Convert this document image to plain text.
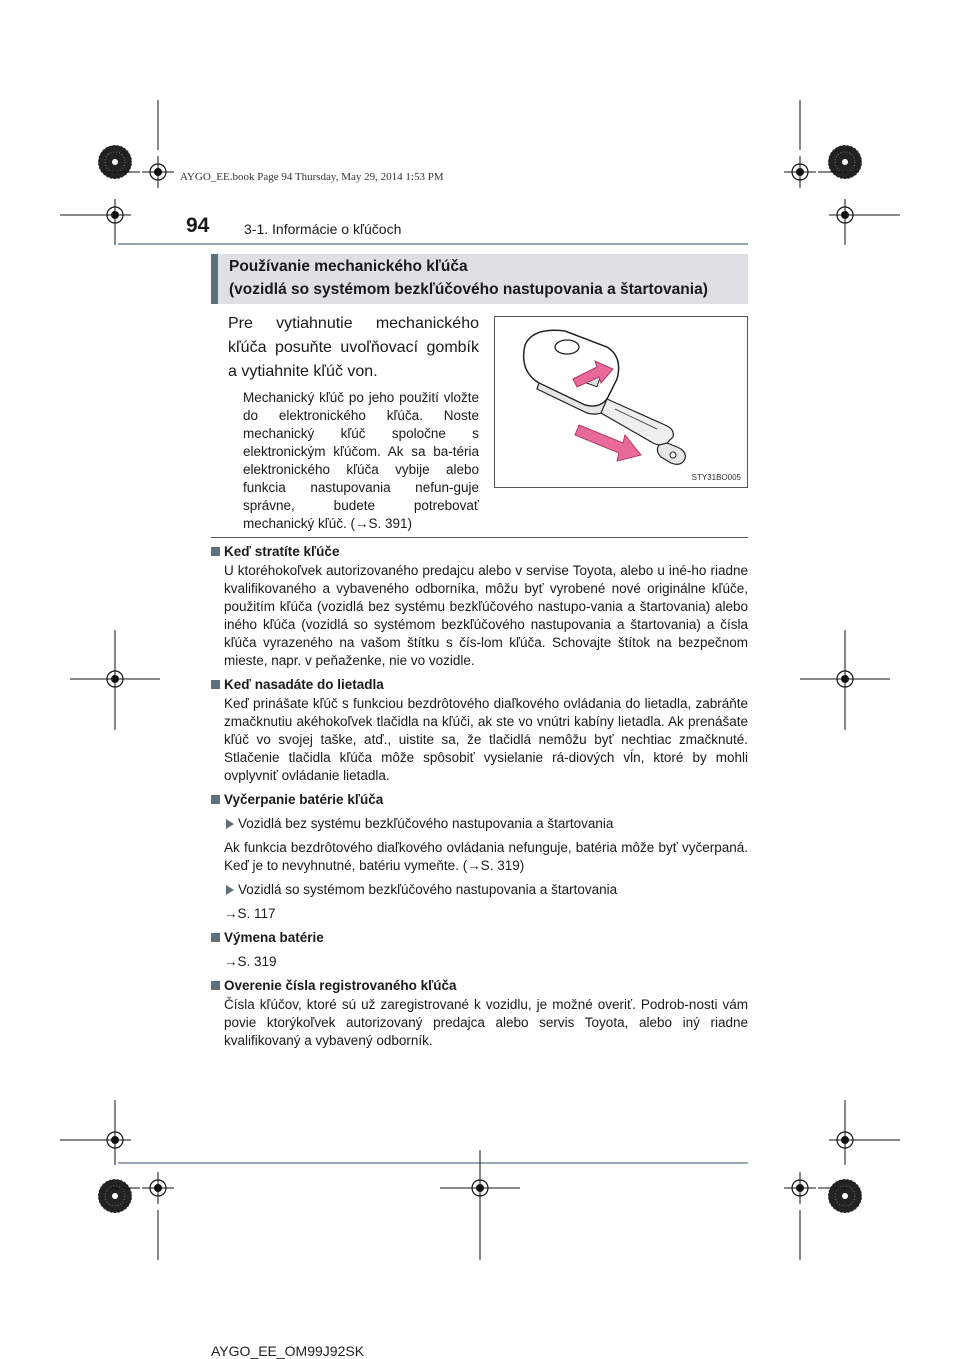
AYGO_EE.book Page 94 Thursday, May 29, 2014 1:53 PM
94 3-1. Informácie o kľúčoch
Používanie mechanického kľúča
(vozidlá so systémom bezkľúčového nastupovania a štartovania)
Pre vytiahnutie mechanického kľúča posuňte uvoľňovací gombík a vytiahnite kľúč von.
Mechanický kľúč po jeho použití vložte do elektronického kľúča. Noste mechanický kľúč spoločne s elektronickým kľúčom. Ak sa ba-téria elektronického kľúča vybije alebo funkcia nastupovania nefun-guje správne, budete potrebovať mechanický kľúč. (→S. 391)
STY31BO005
Keď stratíte kľúče
U ktoréhokoľvek autorizovaného predajcu alebo v servise Toyota, alebo u iné-ho riadne kvalifikovaného a vybaveného odborníka, môžu byť vyrobené nové originálne kľúče, použitím kľúča (vozidlá bez systému bezkľúčového nastupo-vania a štartovania) alebo iného kľúča (vozidlá so systémom bezkľúčového nastupovania a štartovania) a čísla kľúča vyrazeného na vašom štítku s čís-lom kľúča. Schovajte štítok na bezpečnom mieste, napr. v peňaženke, nie vo vozidle.
Keď nasadáte do lietadla
Keď prinášate kľúč s funkciou bezdrôtového diaľkového ovládania do lietadla, zabráňte zmačknutiu akéhokoľvek tlačidla na kľúči, ak ste vo vnútri kabíny lietadla. Ak prenášate kľúč vo svojej taške, atď., uistite sa, že tlačidlá nemôžu byť nechtiac zmačknuté. Stlačenie tlačidla kľúča môže spôsobiť vysielanie rá-diových vĺn, ktoré by mohli ovplyvniť ovládanie lietadla.
Vyčerpanie batérie kľúča
Vozidlá bez systému bezkľúčového nastupovania a štartovania
Ak funkcia bezdrôtového diaľkového ovládania nefunguje, batéria môže byť vyčerpaná. Keď je to nevyhnutné, batériu vymeňte. (→S. 319)
Vozidlá so systémom bezkľúčového nastupovania a štartovania
→S. 117
Výmena batérie
→S. 319
Overenie čísla registrovaného kľúča
Čísla kľúčov, ktoré sú už zaregistrované k vozidlu, je možné overiť. Podrob-nosti vám povie ktorýkoľvek autorizovaný predajca alebo servis Toyota, alebo iný riadne kvalifikovaný a vybavený odborník.
AYGO_EE_OM99J92SK
